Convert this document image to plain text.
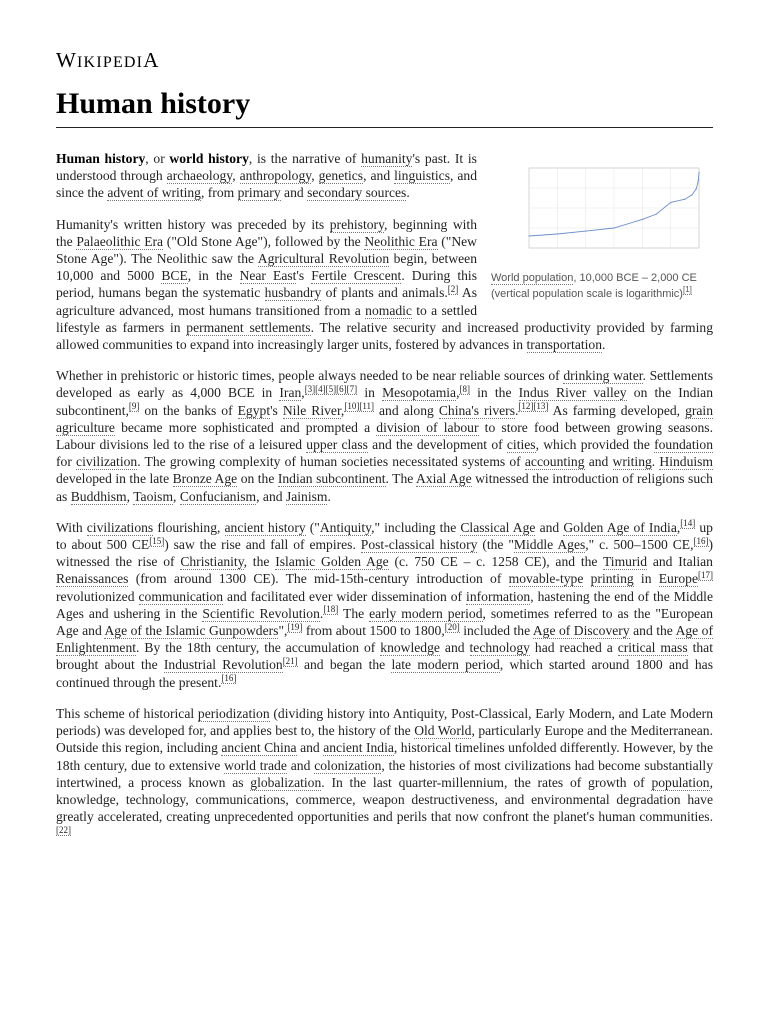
WIKIPEDIA
Human history
World population, 10,000 BCE – 2,000 CE (vertical population scale is logarithmic)[1]

Human history, or world history, is the narrative of humanity's past. It is understood through archaeology, anthropology, genetics, and linguistics, and since the advent of writing, from primary and secondary sources.

Humanity's written history was preceded by its prehistory, beginning with the Palaeolithic Era ("Old Stone Age"), followed by the Neolithic Era ("New Stone Age"). The Neolithic saw the Agricultural Revolution begin, between 10,000 and 5000 BCE, in the Near East's Fertile Crescent. During this period, humans began the systematic husbandry of plants and animals.[2] As agriculture advanced, most humans transitioned from a nomadic to a settled lifestyle as farmers in permanent settlements. The relative security and increased productivity provided by farming allowed communities to expand into increasingly larger units, fostered by advances in transportation.

Whether in prehistoric or historic times, people always needed to be near reliable sources of drinking water. Settlements developed as early as 4,000 BCE in Iran,[3][4][5][6][7] in Mesopotamia,[8] in the Indus River valley on the Indian subcontinent,[9] on the banks of Egypt's Nile River,[10][11] and along China's rivers.[12][13] As farming developed, grain agriculture became more sophisticated and prompted a division of labour to store food between growing seasons. Labour divisions led to the rise of a leisured upper class and the development of cities, which provided the foundation for civilization. The growing complexity of human societies necessitated systems of accounting and writing. Hinduism developed in the late Bronze Age on the Indian subcontinent. The Axial Age witnessed the introduction of religions such as Buddhism, Taoism, Confucianism, and Jainism.

With civilizations flourishing, ancient history ("Antiquity," including the Classical Age and Golden Age of India,[14] up to about 500 CE[15]) saw the rise and fall of empires. Post-classical history (the "Middle Ages," c. 500–1500 CE,[16]) witnessed the rise of Christianity, the Islamic Golden Age (c. 750 CE – c. 1258 CE), and the Timurid and Italian Renaissances (from around 1300 CE). The mid-15th-century introduction of movable-type printing in Europe[17] revolutionized communication and facilitated ever wider dissemination of information, hastening the end of the Middle Ages and ushering in the Scientific Revolution.[18] The early modern period, sometimes referred to as the "European Age and Age of the Islamic Gunpowders",[19] from about 1500 to 1800,[20] included the Age of Discovery and the Age of Enlightenment. By the 18th century, the accumulation of knowledge and technology had reached a critical mass that brought about the Industrial Revolution[21] and began the late modern period, which started around 1800 and has continued through the present.[16]

This scheme of historical periodization (dividing history into Antiquity, Post-Classical, Early Modern, and Late Modern periods) was developed for, and applies best to, the history of the Old World, particularly Europe and the Mediterranean. Outside this region, including ancient China and ancient India, historical timelines unfolded differently. However, by the 18th century, due to extensive world trade and colonization, the histories of most civilizations had become substantially intertwined, a process known as globalization. In the last quarter-millennium, the rates of growth of population, knowledge, technology, communications, commerce, weapon destructiveness, and environmental degradation have greatly accelerated, creating unprecedented opportunities and perils that now confront the planet's human communities.[22]
